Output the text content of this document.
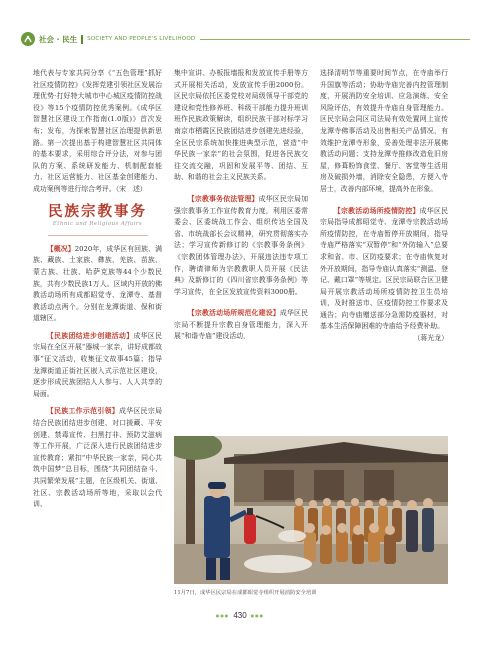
社会 · 民生 SOCIETY AND PEOPLE'S LIVELIHOOD

地代表与专家共同分享《“五色管理”抓好社区疫情防控》《发挥党建引领社区发展治理优势·打好特大城市中心城区疫情防控战役》等15个疫情防控优秀案例。《成华区智慧社区建设工作指南(1.0版)》首次发布；发布，为探索智慧社区治理提供新思路。第一次提出基于构建智慧社区共同体的基本要求，采用综合评分法，对参与团队的方案、系统研发能力、机制配套能力、社区运营能力、社区基金创建能力、成功案例等进行综合考评。（宋　述）

民族宗教事务
Ethnic and Religious Affairs

【概况】2020年，成华区有回族、满族、藏族、土家族、彝族、羌族、苗族、蒙古族、壮族、哈萨克族等44个少数民族，共有少数民族1万人。区域内开放的佛教活动场所有成都昭觉寺、龙潭寺、基督教活动点两个。分别在龙潭街道、保和街道辖区。

【民族团结进步创建活动】成华区民宗局在全区开展“器城一家亲，讲好成都故事”征文活动，收集征文故事45篇；指导龙潭街道正街社区嵌入式示范社区建设，逐步形成民族团结人人参与、人人共享的局面。

【民族工作示范引领】成华区民宗局结合民族团结进步创建、对口援藏、平安创建、禁毒宣传、扫黑打非、预防艾滋病等工作开展，广泛深入进行民族团结进步宣传教育；紧扣“中华民族一家亲，同心共筑中国梦”总目标，围绕“共同团结奋斗、共同繁荣发展”主题，在区级机关、街道、社区、宗教活动场所等地，采取以会代训、

集中宣讲、办板报墙报和发放宣传手册等方式开展相关活动，发放宣传手册2000份。区民宗局依托区委党校对局级领导干部党的建设和党性修养班、科级干部能力提升班训班作民族政策解读，组织民族干部对标学习南京市栖霞区民族团结进步创建先进经验，全区民宗系统加快推进典型示范，营造“中华民族一家亲”的社会氛围，促进各民族交往交流交融，巩固和发展平等、团结、互助、和谐的社会主义民族关系。

【宗教事务依法管理】成华区民宗局加强宗教事务工作宣传教育力度，利用区委常委会、区委统战工作会、组织传达全国及省、市统战部长会议精神，研究贯彻落实办法；学习宣传新修订的《宗教事务条例》《宗教团体管理办法》，开展违法违专项工作，聘请律师为宗教教职人员开展《民法典》及新修订的《四川省宗教事务条例》等学习宣传，在全区发放宣传资料3000册。

【宗教活动场所规范化建设】成华区民宗局不断提升宗教自身管理能力，深入开展“和谐寺庙”建设活动，

选择清明节等重要时间节点，在寺庙举行升国旗等活动；协助寺庙完善内控管理制度，开展消防安全培训、应急演练、安全风险评估，有效提升寺庙自身管理能力。区民宗局会同区司法局有效处置网上宣传龙潭寺佛事活动及出售相关产品情况，有效维护龙潭寺形象，妥善处理非法开展佛教活动问题；支持龙潭寺推修改造危旧房屋，修葺粉饰食堂、餐厅、客堂等生活用房及破损外墙，消除安全隐患，方便入寺居士，改善内部环境，提高外在形象。

【宗教活动场所疫情防控】成华区民宗局指导成都昭觉寺、龙潭寺宗教活动场所疫情防控，在寺庙暂停开放期间，指导寺庙严格落实“双暂停”和“外防输入”总要求和省、市、区防疫要求；在寺庙恢复对外开放期间，指导寺庙认真落实“测温、登记、戴口罩”等规定。区民宗局联合区卫健局开展宗教活动场所疫情防控卫生员培训，及时推送市、区疫情防控工作要求及通告；向寺庙赠送部分急需防疫器材，对基本生活保障困难的寺庙给予经费补助。

（蒋光龙）

11月7日，成华区民宗局在成都昭觉寺组织开展消防安全培训
●●● 430 ●●●
